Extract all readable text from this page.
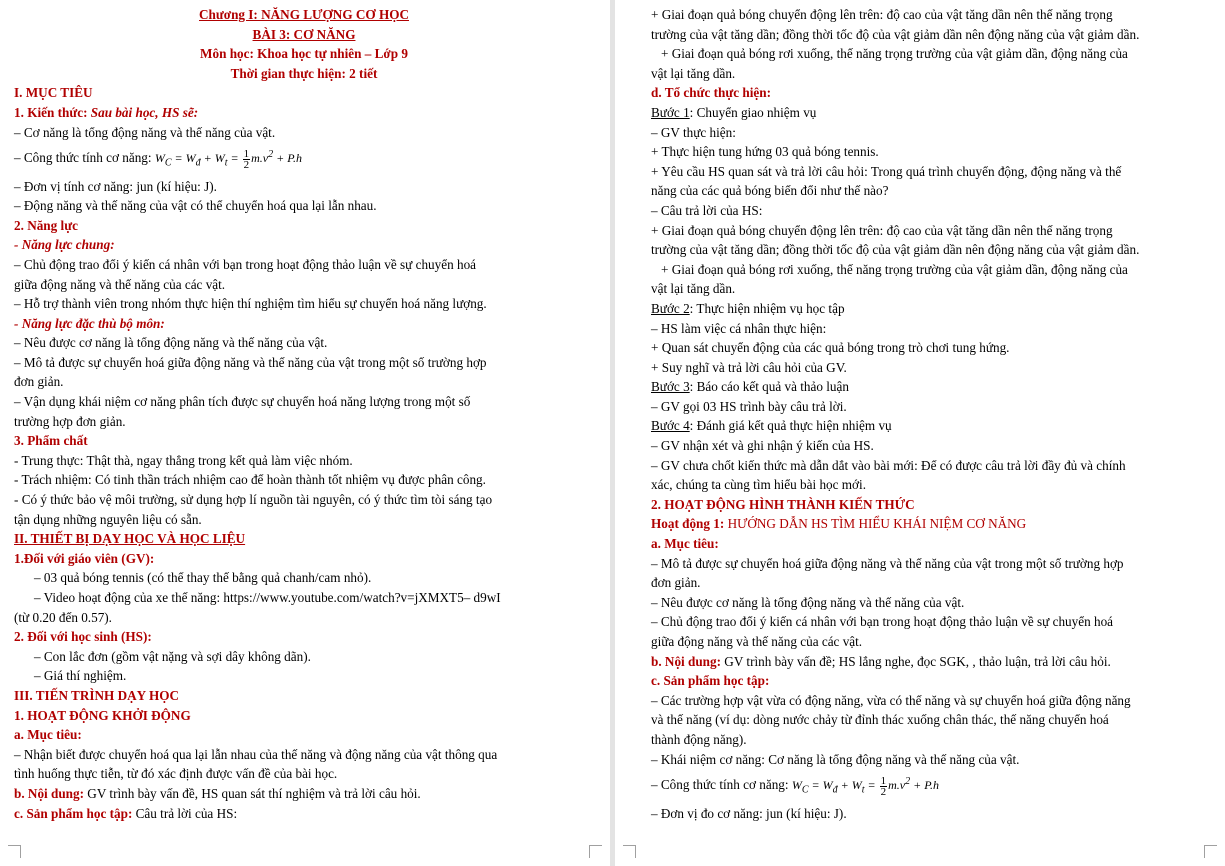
Chương I: NĂNG LƯỢNG CƠ HỌC
BÀI 3: CƠ NĂNG
Môn học: Khoa học tự nhiên – Lớp 9
Thời gian thực hiện: 2 tiết
I. MỤC TIÊU
1. Kiến thức: Sau bài học, HS sẽ:
– Cơ năng là tổng động năng và thế năng của vật.
– Công thức tính cơ năng: $W_C = W_đ + W_t = \frac{1}{2} m.v^2 + P.h$
– Đơn vị tính cơ năng: jun (kí hiệu: J).
– Động năng và thế năng của vật có thể chuyển hoá qua lại lẫn nhau.
2. Năng lực
- Năng lực chung:
– Chủ động trao đổi ý kiến cá nhân với bạn trong hoạt động thảo luận về sự chuyển hoá
giữa động năng và thế năng của các vật.
– Hỗ trợ thành viên trong nhóm thực hiện thí nghiệm tìm hiểu sự chuyển hoá năng lượng.
- Năng lực đặc thù bộ môn:
– Nêu được cơ năng là tổng động năng và thế năng của vật.
– Mô tả được sự chuyển hoá giữa động năng và thế năng của vật trong một số trường hợp
đơn giản.
– Vận dụng khái niệm cơ năng phân tích được sự chuyển hoá năng lượng trong một số
trường hợp đơn giản.
3. Phẩm chất
- Trung thực: Thật thà, ngay thẳng trong kết quả làm việc nhóm.
- Trách nhiệm: Có tinh thần trách nhiệm cao để hoàn thành tốt nhiệm vụ được phân công.
- Có ý thức bảo vệ môi trường, sử dụng hợp lí nguồn tài nguyên, có ý thức tìm tòi sáng tạo
tận dụng những nguyên liệu có sẵn.
II. THIẾT BỊ DẠY HỌC VÀ HỌC LIỆU
1.Đối với giáo viên (GV):
– 03 quả bóng tennis (có thể thay thế bằng quả chanh/cam nhỏ).
– Video hoạt động của xe thế năng: https://www.youtube.com/watch?v=jXMXT5– d9wI
(từ 0.20 đến 0.57).
2. Đối với học sinh (HS):
– Con lắc đơn (gồm vật nặng và sợi dây không dãn).
– Giá thí nghiệm.
III. TIẾN TRÌNH DẠY HỌC
1. HOẠT ĐỘNG KHỞI ĐỘNG
a. Mục tiêu:
– Nhận biết được chuyển hoá qua lại lẫn nhau của thế năng và động năng của vật thông qua
tình huống thực tiễn, từ đó xác định được vấn đề của bài học.
b. Nội dung: GV trình bày vấn đề, HS quan sát thí nghiệm và trả lời câu hỏi.
c. Sản phẩm học tập: Câu trả lời của HS:
+ Giai đoạn quả bóng chuyển động lên trên: độ cao của vật tăng dần nên thế năng trọng
trường của vật tăng dần; đồng thời tốc độ của vật giảm dần nên động năng của vật giảm dần.
+ Giai đoạn quả bóng rơi xuống, thế năng trọng trường của vật giảm dần, động năng của
vật lại tăng dần.
d. Tổ chức thực hiện:
Bước 1: Chuyển giao nhiệm vụ
– GV thực hiện:
+ Thực hiện tung hứng 03 quả bóng tennis.
+ Yêu cầu HS quan sát và trả lời câu hỏi: Trong quá trình chuyển động, động năng và thế
năng của các quả bóng biến đổi như thế nào?
– Câu trả lời của HS:
+ Giai đoạn quả bóng chuyển động lên trên: độ cao của vật tăng dần nên thế năng trọng
trường của vật tăng dần; đồng thời tốc độ của vật giảm dần nên động năng của vật giảm dần.
+ Giai đoạn quả bóng rơi xuống, thế năng trọng trường của vật giảm dần, động năng của
vật lại tăng dần.
Bước 2: Thực hiện nhiệm vụ học tập
– HS làm việc cá nhân thực hiện:
+ Quan sát chuyển động của các quả bóng trong trò chơi tung hứng.
+ Suy nghĩ và trả lời câu hỏi của GV.
Bước 3: Báo cáo kết quả và thảo luận
– GV gọi 03 HS trình bày câu trả lời.
Bước 4: Đánh giá kết quả thực hiện nhiệm vụ
– GV nhận xét và ghi nhận ý kiến của HS.
– GV chưa chốt kiến thức mà dẫn dắt vào bài mới: Để có được câu trả lời đầy đủ và chính
xác, chúng ta cùng tìm hiểu bài học mới.
2. HOẠT ĐỘNG HÌNH THÀNH KIẾN THỨC
Hoạt động 1: HƯỚNG DẪN HS TÌM HIỂU KHÁI NIỆM CƠ NĂNG
a. Mục tiêu:
– Mô tả được sự chuyển hoá giữa động năng và thế năng của vật trong một số trường hợp
đơn giản.
– Nêu được cơ năng là tổng động năng và thế năng của vật.
– Chủ động trao đổi ý kiến cá nhân với bạn trong hoạt động thảo luận về sự chuyển hoá
giữa động năng và thế năng của các vật.
b. Nội dung: GV trình bày vấn đề; HS lắng nghe, đọc SGK, , thảo luận, trả lời câu hỏi.
c. Sản phẩm học tập:
– Các trường hợp vật vừa có động năng, vừa có thế năng và sự chuyển hoá giữa động năng
và thế năng (ví dụ: dòng nước chảy từ đỉnh thác xuống chân thác, thế năng chuyển hoá
thành động năng).
– Khái niệm cơ năng: Cơ năng là tổng động năng và thế năng của vật.
– Công thức tính cơ năng: $W_C = W_đ + W_t = \frac{1}{2} m.v^2 + P.h$
– Đơn vị đo cơ năng: jun (kí hiệu: J).
